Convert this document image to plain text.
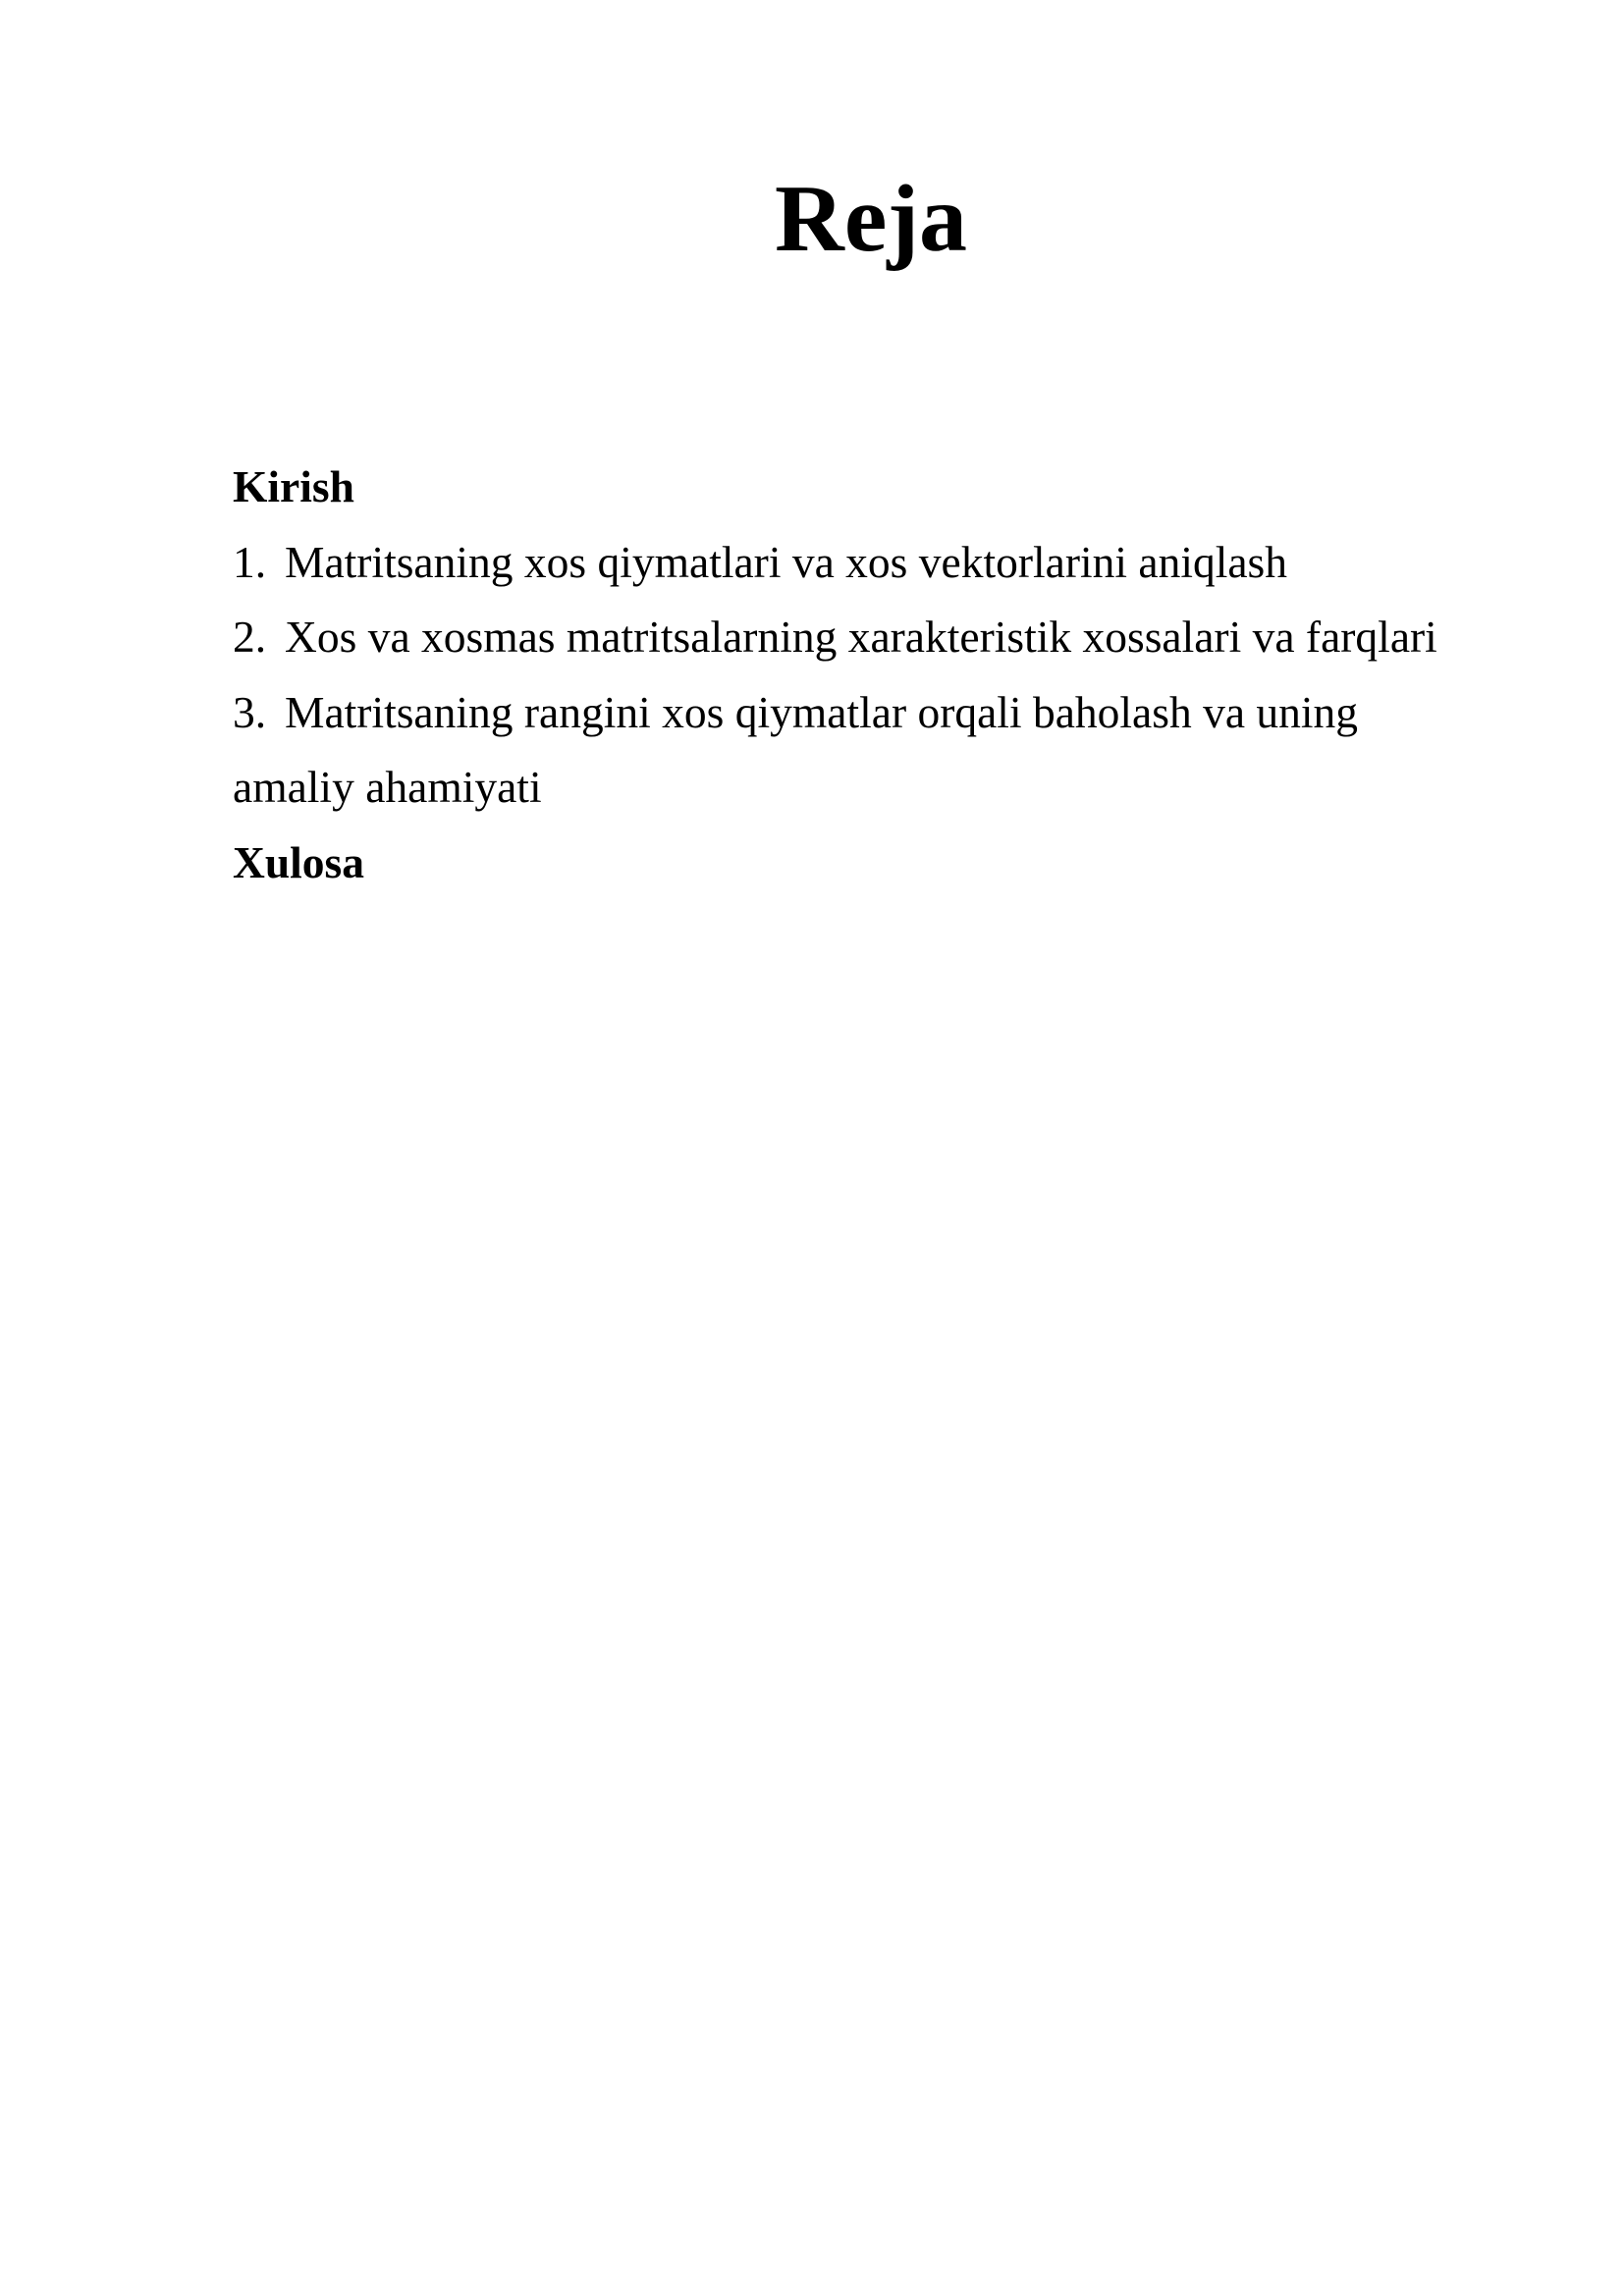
Reja
Kirish
1. Matritsaning xos qiymatlari va xos vektorlarini aniqlash
2. Xos va xosmas matritsalarning xarakteristik xossalari va farqlari
3. Matritsaning rangini xos qiymatlar orqali baholash va uning
amaliy ahamiyati
Xulosa
